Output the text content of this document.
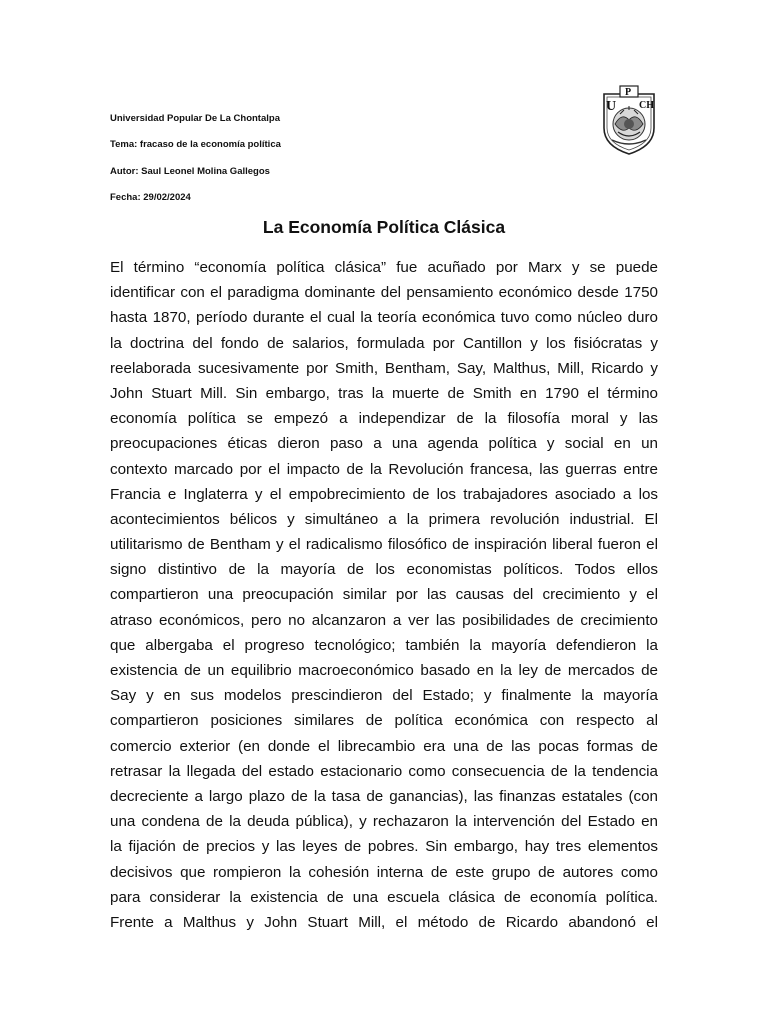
Universidad Popular De La Chontalpa

Tema: fracaso de la economía política

Autor: Saul Leonel Molina Gallegos

Fecha: 29/02/2024

U
P
CH
La Economía Política Clásica
El término “economía política clásica” fue acuñado por Marx y se puede
identificar con el paradigma dominante del pensamiento económico desde 1750
hasta 1870, período durante el cual la teoría económica tuvo como núcleo duro
la doctrina del fondo de salarios, formulada por Cantillon y los fisiócratas y
reelaborada sucesivamente por Smith, Bentham, Say, Malthus, Mill, Ricardo y
John Stuart Mill. Sin embargo, tras la muerte de Smith en 1790 el término
economía política se empezó a independizar de la filosofía moral y las
preocupaciones éticas dieron paso a una agenda política y social en un
contexto marcado por el impacto de la Revolución francesa, las guerras entre
Francia e Inglaterra y el empobrecimiento de los trabajadores asociado a los
acontecimientos bélicos y simultáneo a la primera revolución industrial. El
utilitarismo de Bentham y el radicalismo filosófico de inspiración liberal fueron el
signo distintivo de la mayoría de los economistas políticos. Todos ellos
compartieron una preocupación similar por las causas del crecimiento y el
atraso económicos, pero no alcanzaron a ver las posibilidades de crecimiento
que albergaba el progreso tecnológico; también la mayoría defendieron la
existencia de un equilibrio macroeconómico basado en la ley de mercados de
Say y en sus modelos prescindieron del Estado; y finalmente la mayoría
compartieron posiciones similares de política económica con respecto al
comercio exterior (en donde el librecambio era una de las pocas formas de
retrasar la llegada del estado estacionario como consecuencia de la tendencia
decreciente a largo plazo de la tasa de ganancias), las finanzas estatales (con
una condena de la deuda pública), y rechazaron la intervención del Estado en
la fijación de precios y las leyes de pobres. Sin embargo, hay tres elementos
decisivos que rompieron la cohesión interna de este grupo de autores como
para considerar la existencia de una escuela clásica de economía política.
Frente a Malthus y John Stuart Mill, el método de Ricardo abandonó el
